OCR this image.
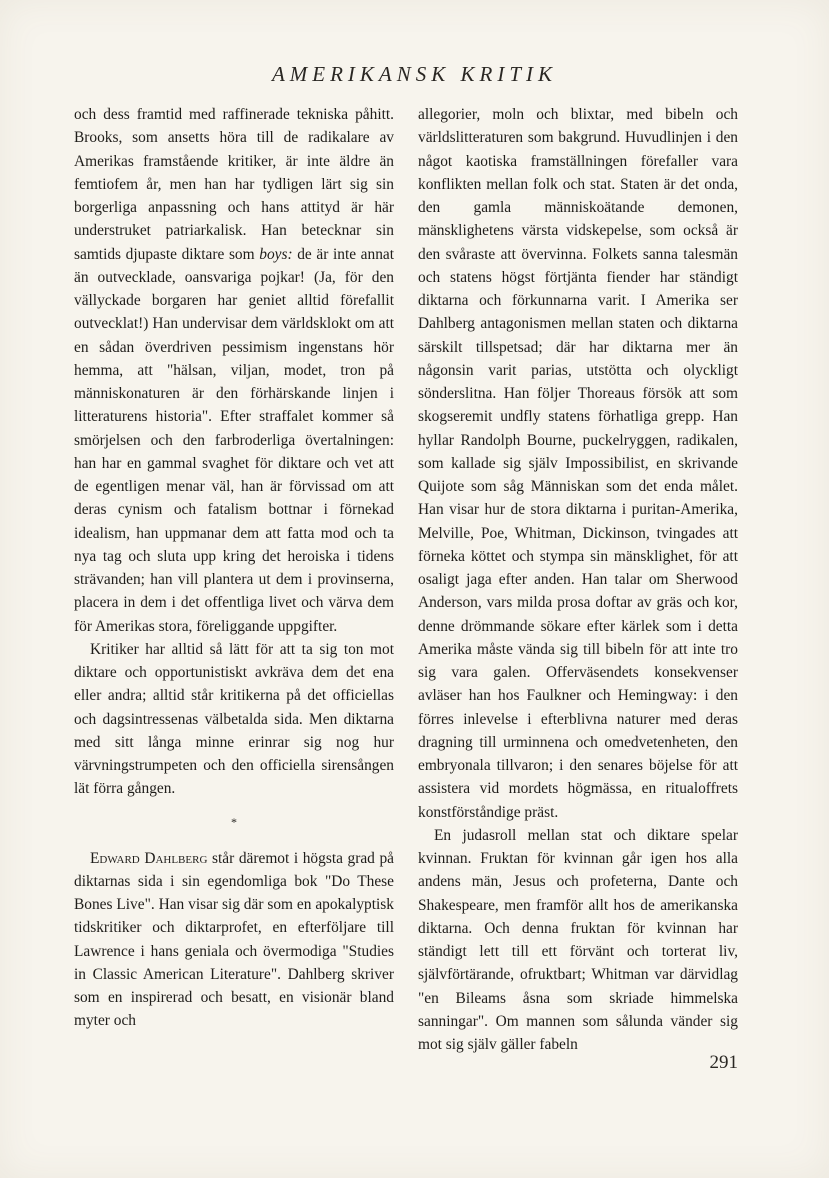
AMERIKANSK KRITIK

och dess framtid med raffinerade tekniska påhitt. Brooks, som ansetts höra till de radikalare av Amerikas framstående kritiker, är inte äldre än femtiofem år, men han har tydligen lärt sig sin borgerliga anpassning och hans attityd är här understruket patriarkalisk. Han betecknar sin samtids djupaste diktare som boys: de är inte annat än outvecklade, oansvariga pojkar! (Ja, för den vällyckade borgaren har geniet alltid förefallit outvecklat!) Han undervisar dem världsklokt om att en sådan överdriven pessimism ingenstans hör hemma, att "hälsan, viljan, modet, tron på människonaturen är den förhärskande linjen i litteraturens historia". Efter straffalet kommer så smörjelsen och den farbroderliga övertalningen: han har en gammal svaghet för diktare och vet att de egentligen menar väl, han är förvissad om att deras cynism och fatalism bottnar i förnekad idealism, han uppmanar dem att fatta mod och ta nya tag och sluta upp kring det heroiska i tidens strävanden; han vill plantera ut dem i provinserna, placera in dem i det offentliga livet och värva dem för Amerikas stora, föreliggande uppgifter.

Kritiker har alltid så lätt för att ta sig ton mot diktare och opportunistiskt avkräva dem det ena eller andra; alltid står kritikerna på det officiellas och dagsintressenas välbetalda sida. Men diktarna med sitt långa minne erinrar sig nog hur värvningstrumpeten och den officiella sirensången lät förra gången.

*

Edward Dahlberg står däremot i högsta grad på diktarnas sida i sin egendomliga bok "Do These Bones Live". Han visar sig där som en apokalyptisk tidskritiker och diktarprofet, en efterföljare till Lawrence i hans geniala och övermodiga "Studies in Classic American Literature". Dahlberg skriver som en inspirerad och besatt, en visionär bland myter och

allegorier, moln och blixtar, med bibeln och världslitteraturen som bakgrund. Huvudlinjen i den något kaotiska framställningen förefaller vara konflikten mellan folk och stat. Staten är det onda, den gamla människoätande demonen, mänsklighetens värsta vidskepelse, som också är den svåraste att övervinna. Folkets sanna talesmän och statens högst förtjänta fiender har ständigt diktarna och förkunnarna varit. I Amerika ser Dahlberg antagonismen mellan staten och diktarna särskilt tillspetsad; där har diktarna mer än någonsin varit parias, utstötta och olyckligt sönderslitna. Han följer Thoreaus försök att som skogseremit undfly statens förhatliga grepp. Han hyllar Randolph Bourne, puckelryggen, radikalen, som kallade sig själv Impossibilist, en skrivande Quijote som såg Människan som det enda målet. Han visar hur de stora diktarna i puritan-Amerika, Melville, Poe, Whitman, Dickinson, tvingades att förneka köttet och stympa sin mänsklighet, för att osaligt jaga efter anden. Han talar om Sherwood Anderson, vars milda prosa doftar av gräs och kor, denne drömmande sökare efter kärlek som i detta Amerika måste vända sig till bibeln för att inte tro sig vara galen. Offerväsendets konsekvenser avläser han hos Faulkner och Hemingway: i den förres inlevelse i efterblivna naturer med deras dragning till urminnena och omedvetenheten, den embryonala tillvaron; i den senares böjelse för att assistera vid mordets högmässa, en ritualoffrets konstförståndige präst.

En judasroll mellan stat och diktare spelar kvinnan. Fruktan för kvinnan går igen hos alla andens män, Jesus och profeterna, Dante och Shakespeare, men framför allt hos de amerikanska diktarna. Och denna fruktan för kvinnan har ständigt lett till ett förvänt och torterat liv, självförtärande, ofruktbart; Whitman var därvidlag "en Bileams åsna som skriade himmelska sanningar". Om mannen som sålunda vänder sig mot sig själv gäller fabeln

291
